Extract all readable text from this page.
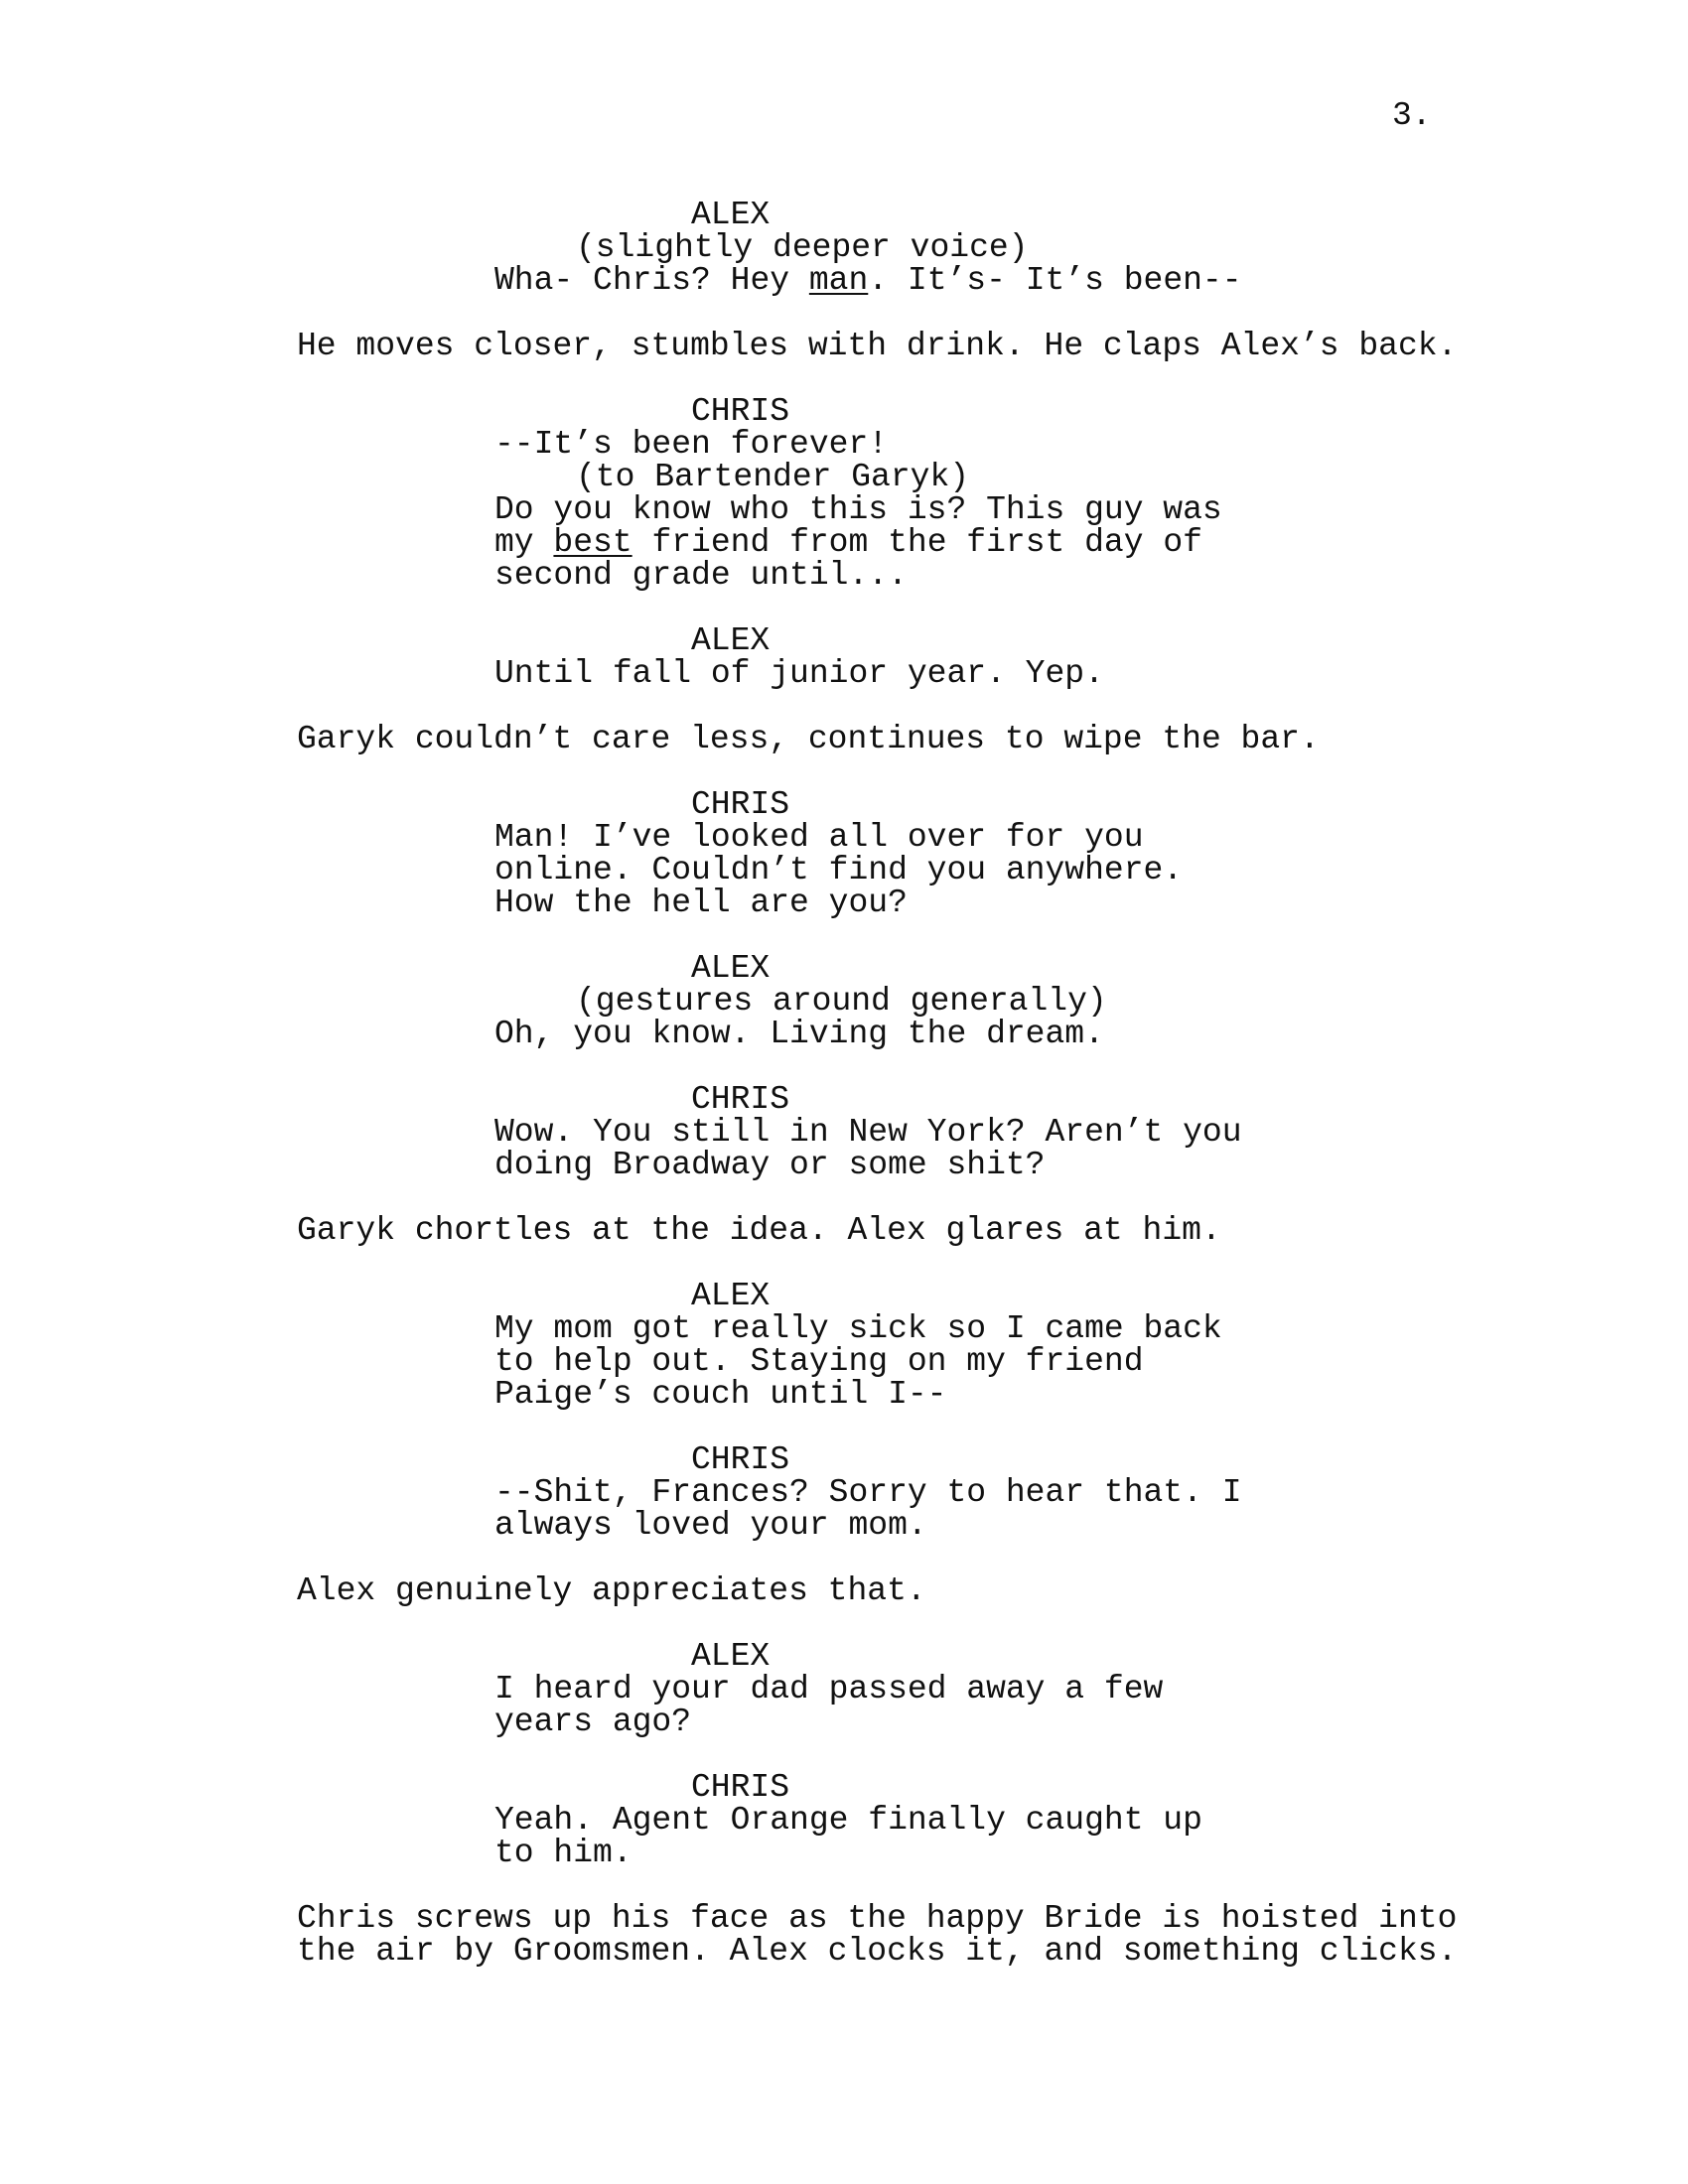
3.

ALEX

(slightly deeper voice)

Wha- Chris? Hey man. It’s- It’s been--

He moves closer, stumbles with drink. He claps Alex’s back.

CHRIS

--It’s been forever!

(to Bartender Garyk)

Do you know who this is? This guy was

my best friend from the first day of

second grade until...

ALEX

Until fall of junior year. Yep.

Garyk couldn’t care less, continues to wipe the bar.

CHRIS

Man! I’ve looked all over for you

online. Couldn’t find you anywhere.

How the hell are you?

ALEX

(gestures around generally)

Oh, you know. Living the dream.

CHRIS

Wow. You still in New York? Aren’t you

doing Broadway or some shit?

Garyk chortles at the idea. Alex glares at him.

ALEX

My mom got really sick so I came back

to help out. Staying on my friend

Paige’s couch until I--

CHRIS

--Shit, Frances? Sorry to hear that. I

always loved your mom.

Alex genuinely appreciates that.

ALEX

I heard your dad passed away a few

years ago?

CHRIS

Yeah. Agent Orange finally caught up

to him.

Chris screws up his face as the happy Bride is hoisted into

the air by Groomsmen. Alex clocks it, and something clicks.
